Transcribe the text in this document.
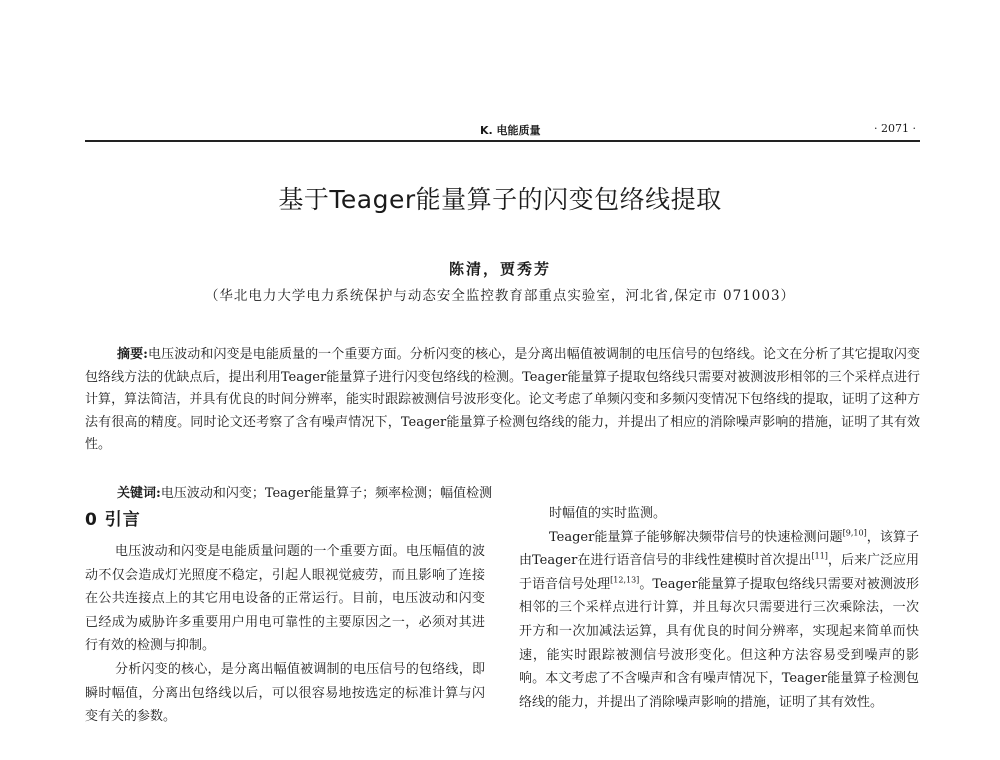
K. 电能质量	· 2071 ·
基于Teager能量算子的闪变包络线提取
陈清，贾秀芳
（华北电力大学电力系统保护与动态安全监控教育部重点实验室，河北省,保定市 071003）

摘要:电压波动和闪变是电能质量的一个重要方面。分析闪变的核心，是分离出幅值被调制的电压信号的包络线。论文在分析了其它提取闪变包络线方法的优缺点后，提出利用Teager能量算子进行闪变包络线的检测。Teager能量算子提取包络线只需要对被测波形相邻的三个采样点进行计算，算法简洁，并具有优良的时间分辨率，能实时跟踪被测信号波形变化。论文考虑了单频闪变和多频闪变情况下包络线的提取，证明了这种方法有很高的精度。同时论文还考察了含有噪声情况下，Teager能量算子检测包络线的能力，并提出了相应的消除噪声影响的措施，证明了其有效性。

关键词:电压波动和闪变；Teager能量算子；频率检测；幅值检测
0 引言

电压波动和闪变是电能质量问题的一个重要方面。电压幅值的波动不仅会造成灯光照度不稳定，引起人眼视觉疲劳，而且影响了连接在公共连接点上的其它用电设备的正常运行。目前，电压波动和闪变已经成为威胁许多重要用户用电可靠性的主要原因之一，必须对其进行有效的检测与抑制。

分析闪变的核心，是分离出幅值被调制的电压信号的包络线，即瞬时幅值，分离出包络线以后，可以很容易地按选定的标准计算与闪变有关的参数。

时幅值的实时监测。

Teager能量算子能够解决频带信号的快速检测问题[9,10]，该算子由Teager在进行语音信号的非线性建模时首次提出[11]，后来广泛应用于语音信号处理[12,13]。Teager能量算子提取包络线只需要对被测波形相邻的三个采样点进行计算，并且每次只需要进行三次乘除法，一次开方和一次加减法运算，具有优良的时间分辨率，实现起来简单而快速，能实时跟踪被测信号波形变化。但这种方法容易受到噪声的影响。本文考虑了不含噪声和含有噪声情况下，Teager能量算子检测包络线的能力，并提出了消除噪声影响的措施，证明了其有效性。
